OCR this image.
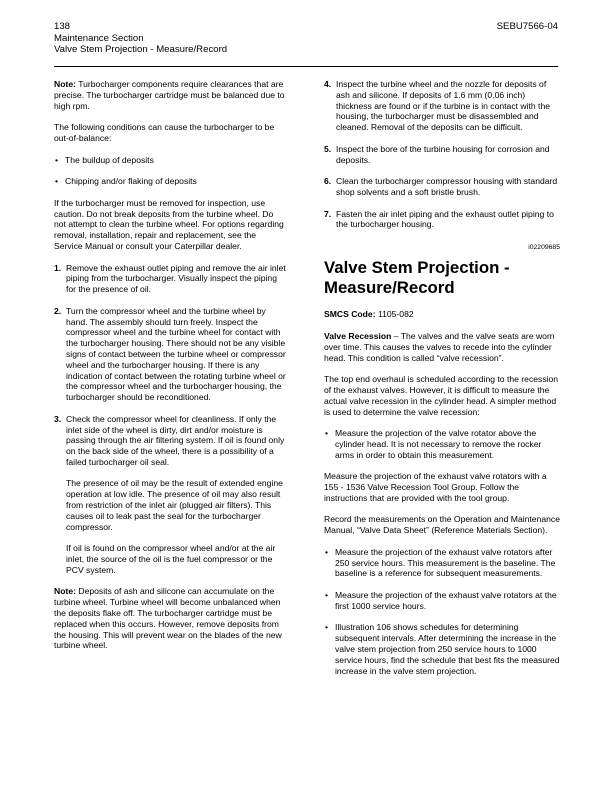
138	SEBU7566-04
Maintenance Section
Valve Stem Projection - Measure/Record

Note: Turbocharger components require clearances that are precise. The turbocharger cartridge must be balanced due to high rpm.

The following conditions can cause the turbocharger to be out-of-balance:

• The buildup of deposits
• Chipping and/or flaking of deposits

If the turbocharger must be removed for inspection, use caution. Do not break deposits from the turbine wheel. Do not attempt to clean the turbine wheel. For options regarding removal, installation, repair and replacement, see the Service Manual or consult your Caterpillar dealer.

1. Remove the exhaust outlet piping and remove the air inlet piping from the turbocharger. Visually inspect the piping for the presence of oil.

2. Turn the compressor wheel and the turbine wheel by hand. The assembly should turn freely. Inspect the compressor wheel and the turbine wheel for contact with the turbocharger housing. There should not be any visible signs of contact between the turbine wheel or compressor wheel and the turbocharger housing. If there is any indication of contact between the rotating turbine wheel or the compressor wheel and the turbocharger housing, the turbocharger should be reconditioned.

3. Check the compressor wheel for cleanliness. If only the inlet side of the wheel is dirty, dirt and/or moisture is passing through the air filtering system. If oil is found only on the back side of the wheel, there is a possibility of a failed turbocharger oil seal.

The presence of oil may be the result of extended engine operation at low idle. The presence of oil may also result from restriction of the inlet air (plugged air filters). This causes oil to leak past the seal for the turbocharger compressor.

If oil is found on the compressor wheel and/or at the air inlet, the source of the oil is the fuel compressor or the PCV system.

Note: Deposits of ash and silicone can accumulate on the turbine wheel. Turbine wheel will become unbalanced when the deposits flake off. The turbocharger cartridge must be replaced when this occurs. However, remove deposits from the housing. This will prevent wear on the blades of the new turbine wheel.

4. Inspect the turbine wheel and the nozzle for deposits of ash and silicone. If deposits of 1.6 mm (0.06 inch) thickness are found or if the turbine is in contact with the housing, the turbocharger must be disassembled and cleaned. Removal of the deposits can be difficult.

5. Inspect the bore of the turbine housing for corrosion and deposits.

6. Clean the turbocharger compressor housing with standard shop solvents and a soft bristle brush.

7. Fasten the air inlet piping and the exhaust outlet piping to the turbocharger housing.

i02209685
Valve Stem Projection - Measure/Record

SMCS Code: 1105-082

Valve Recession – The valves and the valve seats are worn over time. This causes the valves to recede into the cylinder head. This condition is called “valve recession”.

The top end overhaul is scheduled according to the recession of the exhaust valves. However, it is difficult to measure the actual valve recession in the cylinder head. A simpler method is used to determine the valve recession:

• Measure the projection of the valve rotator above the cylinder head. It is not necessary to remove the rocker arms in order to obtain this measurement.

Measure the projection of the exhaust valve rotators with a 155 - 1536 Valve Recession Tool Group. Follow the instructions that are provided with the tool group.

Record the measurements on the Operation and Maintenance Manual, “Valve Data Sheet” (Reference Materials Section).

• Measure the projection of the exhaust valve rotators after 250 service hours. This measurement is the baseline. The baseline is a reference for subsequent measurements.
• Measure the projection of the exhaust valve rotators at the first 1000 service hours.
• Illustration 106 shows schedules for determining subsequent intervals. After determining the increase in the valve stem projection from 250 service hours to 1000 service hours, find the schedule that best fits the measured increase in the valve stem projection.
